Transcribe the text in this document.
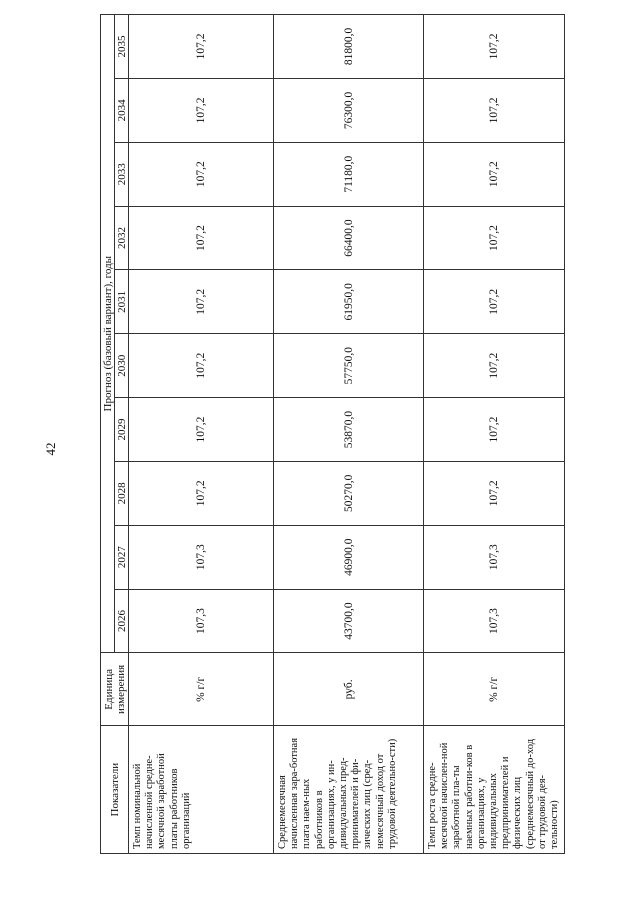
42
Показатели	Единица измерения	Прогноз (базовый вариант), годы									
		2026	2027	2028	2029	2030	2031	2032	2033	2034	2035
Темп номинальной начисленной средне-месячной заработной платы работников организаций	% г/г	107,3	107,3	107,2	107,2	107,2	107,2	107,2	107,2	107,2	107,2
Среднемесячная начисленная зара-ботная плата наем-ных работников в организациях, у ин-дивидуальных пред-принимателей и фи-зических лиц (сред-немесячный доход от трудовой деятельно-сти)	руб.	43700,0	46900,0	50270,0	53870,0	57750,0	61950,0	66400,0	71180,0	76300,0	81800,0
Темп роста средне-месячной начислен-ной заработной пла-ты наемных работни-ков в организациях, у индивидуальных предпринимателей и физических лиц (среднемесячный до-ход от трудовой дея-тельности)	% г/г	107,3	107,3	107,2	107,2	107,2	107,2	107,2	107,2	107,2	107,2
